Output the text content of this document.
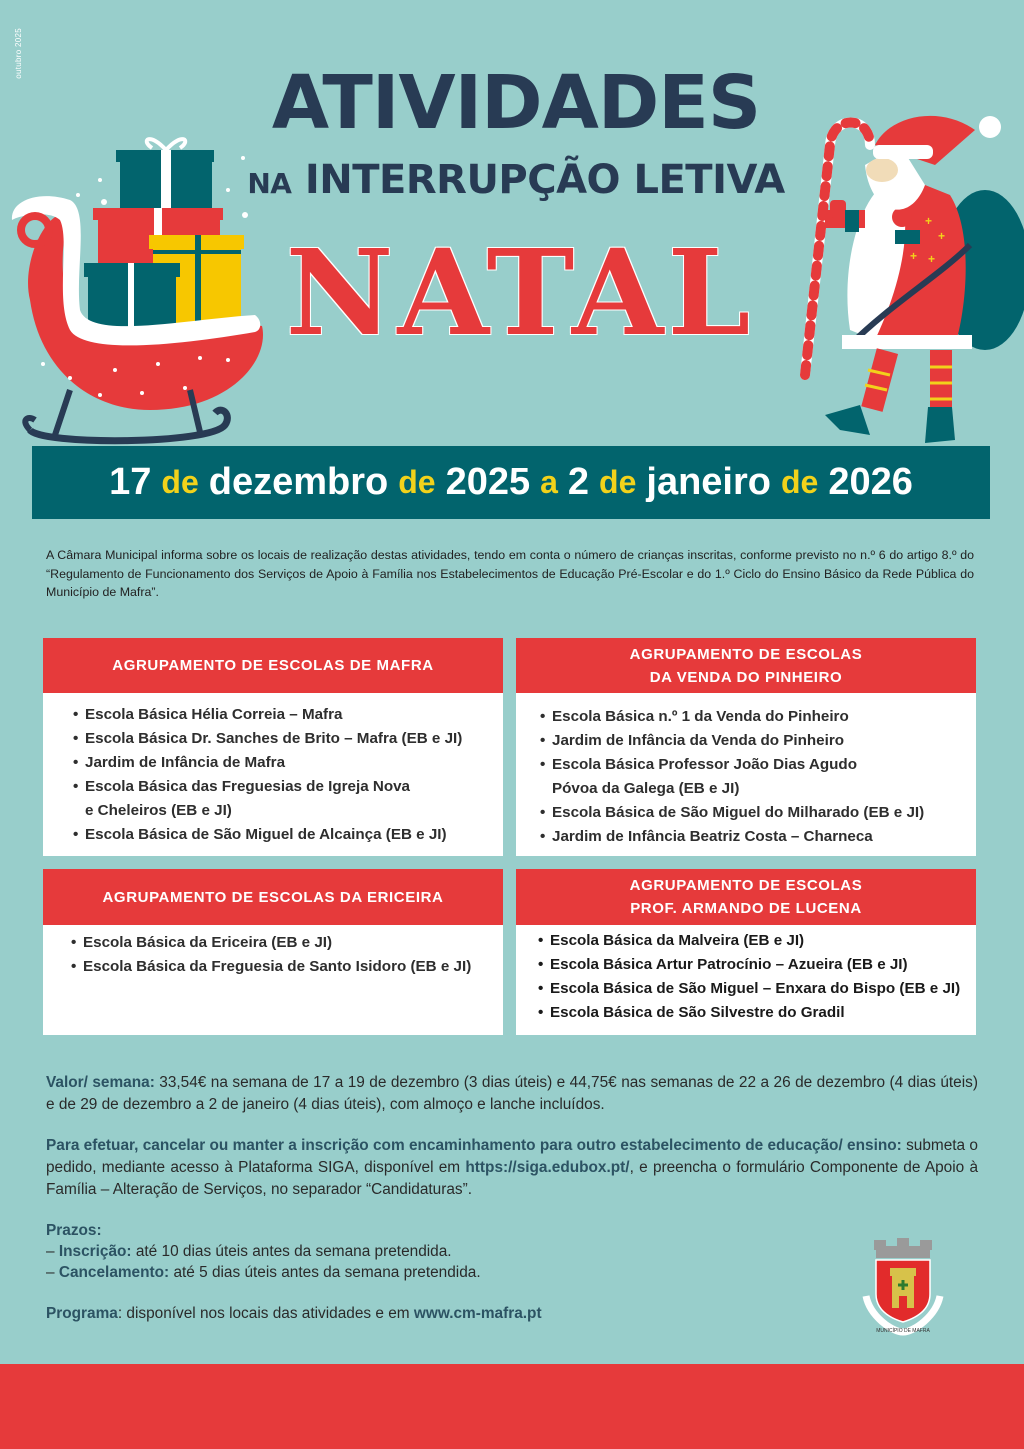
outubro 2025
ATIVIDADES
NA INTERRUPÇÃO LETIVA
NATAL
+
+
+ +
17 de dezembro de 2025 a 2 de janeiro de 2026

A Câmara Municipal informa sobre os locais de realização destas atividades, tendo em conta o número de crianças inscritas, conforme previsto no n.º 6 do artigo 8.º do “Regulamento de Funcionamento dos Serviços de Apoio à Família nos Estabelecimentos de Educação Pré-Escolar e do 1.º Ciclo do Ensino Básico da Rede Pública do Município de Mafra”.

AGRUPAMENTO DE ESCOLAS DE MAFRA
• Escola Básica Hélia Correia – Mafra
• Escola Básica Dr. Sanches de Brito – Mafra (EB e JI)
• Jardim de Infância de Mafra
• Escola Básica das Freguesias de Igreja Nova
e Cheleiros (EB e JI)
• Escola Básica de São Miguel de Alcainça (EB e JI)
AGRUPAMENTO DE ESCOLAS
DA VENDA DO PINHEIRO
• Escola Básica n.º 1 da Venda do Pinheiro
• Jardim de Infância da Venda do Pinheiro
• Escola Básica Professor João Dias Agudo
Póvoa da Galega (EB e JI)
• Escola Básica de São Miguel do Milharado (EB e JI)
• Jardim de Infância Beatriz Costa – Charneca
AGRUPAMENTO DE ESCOLAS DA ERICEIRA
• Escola Básica da Ericeira (EB e JI)
• Escola Básica da Freguesia de Santo Isidoro (EB e JI)
AGRUPAMENTO DE ESCOLAS
PROF. ARMANDO DE LUCENA
• Escola Básica da Malveira (EB e JI)
• Escola Básica Artur Patrocínio – Azueira (EB e JI)
• Escola Básica de São Miguel – Enxara do Bispo (EB e JI)
• Escola Básica de São Silvestre do Gradil

Valor/ semana: 33,54€ na semana de 17 a 19 de dezembro (3 dias úteis) e 44,75€ nas semanas de 22 a 26 de dezembro (4 dias úteis) e de 29 de dezembro a 2 de janeiro (4 dias úteis), com almoço e lanche incluídos.

Para efetuar, cancelar ou manter a inscrição com encaminhamento para outro estabelecimento de educação/ ensino: submeta o pedido, mediante acesso à Plataforma SIGA, disponível em https://siga.edubox.pt/, e preencha o formulário Componente de Apoio à Família – Alteração de Serviços, no separador “Candidaturas”.

Prazos:
– Inscrição: até 10 dias úteis antes da semana pretendida.
– Cancelamento: até 5 dias úteis antes da semana pretendida.

Programa: disponível nos locais das atividades e em www.cm-mafra.pt

MUNICÍPIO DE MAFRA
